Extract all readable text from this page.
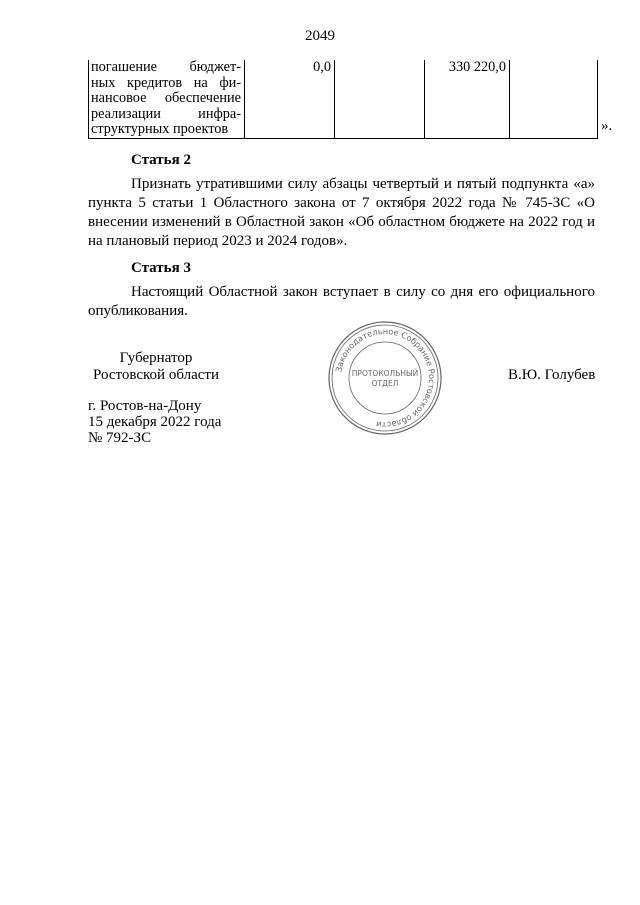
2049
погашение бюджет-
ных кредитов на фи-
нансовое обеспечение
реализации инфра-
структурных проектов
	0,0		330 220,0	
».
Статья 2

Признать утратившими силу абзацы четвертый и пятый подпункта «а» пункта 5 статьи 1 Областного закона от 7 октября 2022 года № 745-ЗС «О внесении изменений в Областной закон «Об областном бюджете на 2022 год и на плановый период 2023 и 2024 годов».

Статья 3

Настоящий Областной закон вступает в силу со дня его официального опубликования.

Губернатор
Ростовской области	Законодательное Собрание Ростовской области
ПРОТОКОЛЬНЫЙ
ОТДЕЛ
В.Ю. Голубев
г. Ростов-на-Дону
15 декабря 2022 года
№ 792-ЗС
